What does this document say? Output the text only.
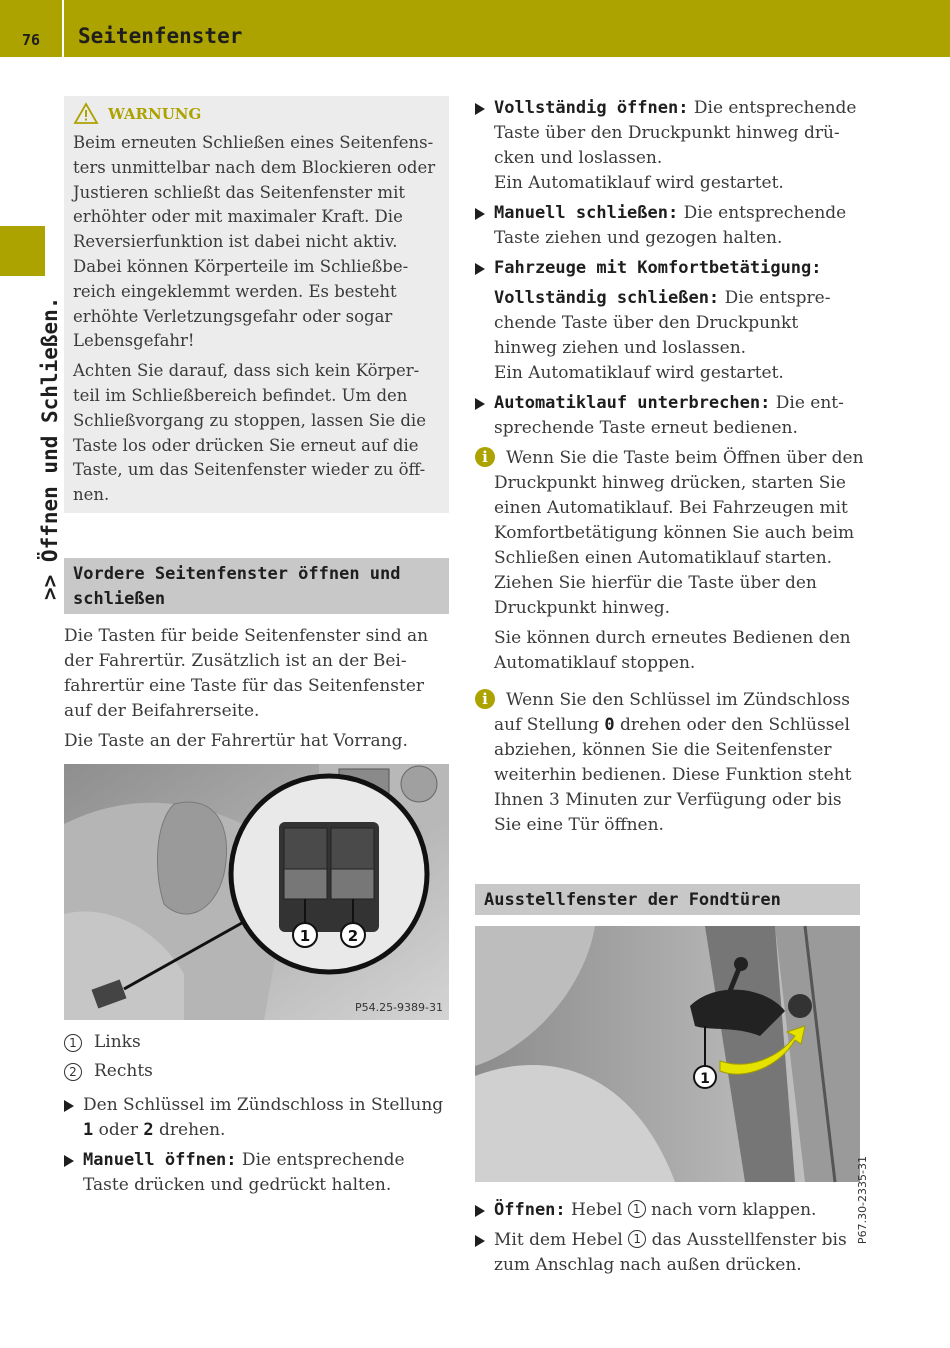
76 Seitenfenster
>> Öffnen und Schließen.
WARNUNG

Beim erneuten Schließen eines Seitenfens-ters unmittelbar nach dem Blockieren oder Justieren schließt das Seitenfenster mit erhöhter oder mit maximaler Kraft. Die Reversierfunktion ist dabei nicht aktiv. Dabei können Körperteile im Schließbe-reich eingeklemmt werden. Es besteht erhöhte Verletzungsgefahr oder sogar Lebensgefahr!

Achten Sie darauf, dass sich kein Körper-teil im Schließbereich befindet. Um den Schließvorgang zu stoppen, lassen Sie die Taste los oder drücken Sie erneut auf die Taste, um das Seitenfenster wieder zu öff-nen.

Vordere Seitenfenster öffnen und schließen

Die Tasten für beide Seitenfenster sind an der Fahrertür. Zusätzlich ist an der Bei-fahrertür eine Taste für das Seitenfenster auf der Beifahrerseite.

Die Taste an der Fahrertür hat Vorrang.

1	2
P54.25-9389-31
1	Links
2	Rechts

Den Schlüssel im Zündschloss in Stellung 1 oder 2 drehen.

Manuell öffnen: Die entsprechende Taste drücken und gedrückt halten.

Vollständig öffnen: Die entsprechende Taste über den Druckpunkt hinweg drü-cken und loslassen.

Ein Automatiklauf wird gestartet.

Manuell schließen: Die entsprechende Taste ziehen und gezogen halten.

Fahrzeuge mit Komfortbetätigung:

Vollständig schließen: Die entspre-chende Taste über den Druckpunkt hinweg ziehen und loslassen.

Ein Automatiklauf wird gestartet.

Automatiklauf unterbrechen: Die ent-sprechende Taste erneut bedienen.

i	Wenn Sie die Taste beim Öffnen über den Druckpunkt hinweg drücken, starten Sie einen Automatiklauf. Bei Fahrzeugen mit Komfortbetätigung können Sie auch beim Schließen einen Automatiklauf starten. Ziehen Sie hierfür die Taste über den Druckpunkt hinweg.

Sie können durch erneutes Bedienen den Automatiklauf stoppen.

i	Wenn Sie den Schlüssel im Zündschloss auf Stellung 0 drehen oder den Schlüssel abziehen, können Sie die Seitenfenster weiterhin bedienen. Diese Funktion steht Ihnen 3 Minuten zur Verfügung oder bis Sie eine Tür öffnen.

Ausstellfenster der Fondtüren
1
P67.30-2335-31

Öffnen: Hebel 1 nach vorn klappen.

Mit dem Hebel 1 das Ausstellfenster bis zum Anschlag nach außen drücken.
